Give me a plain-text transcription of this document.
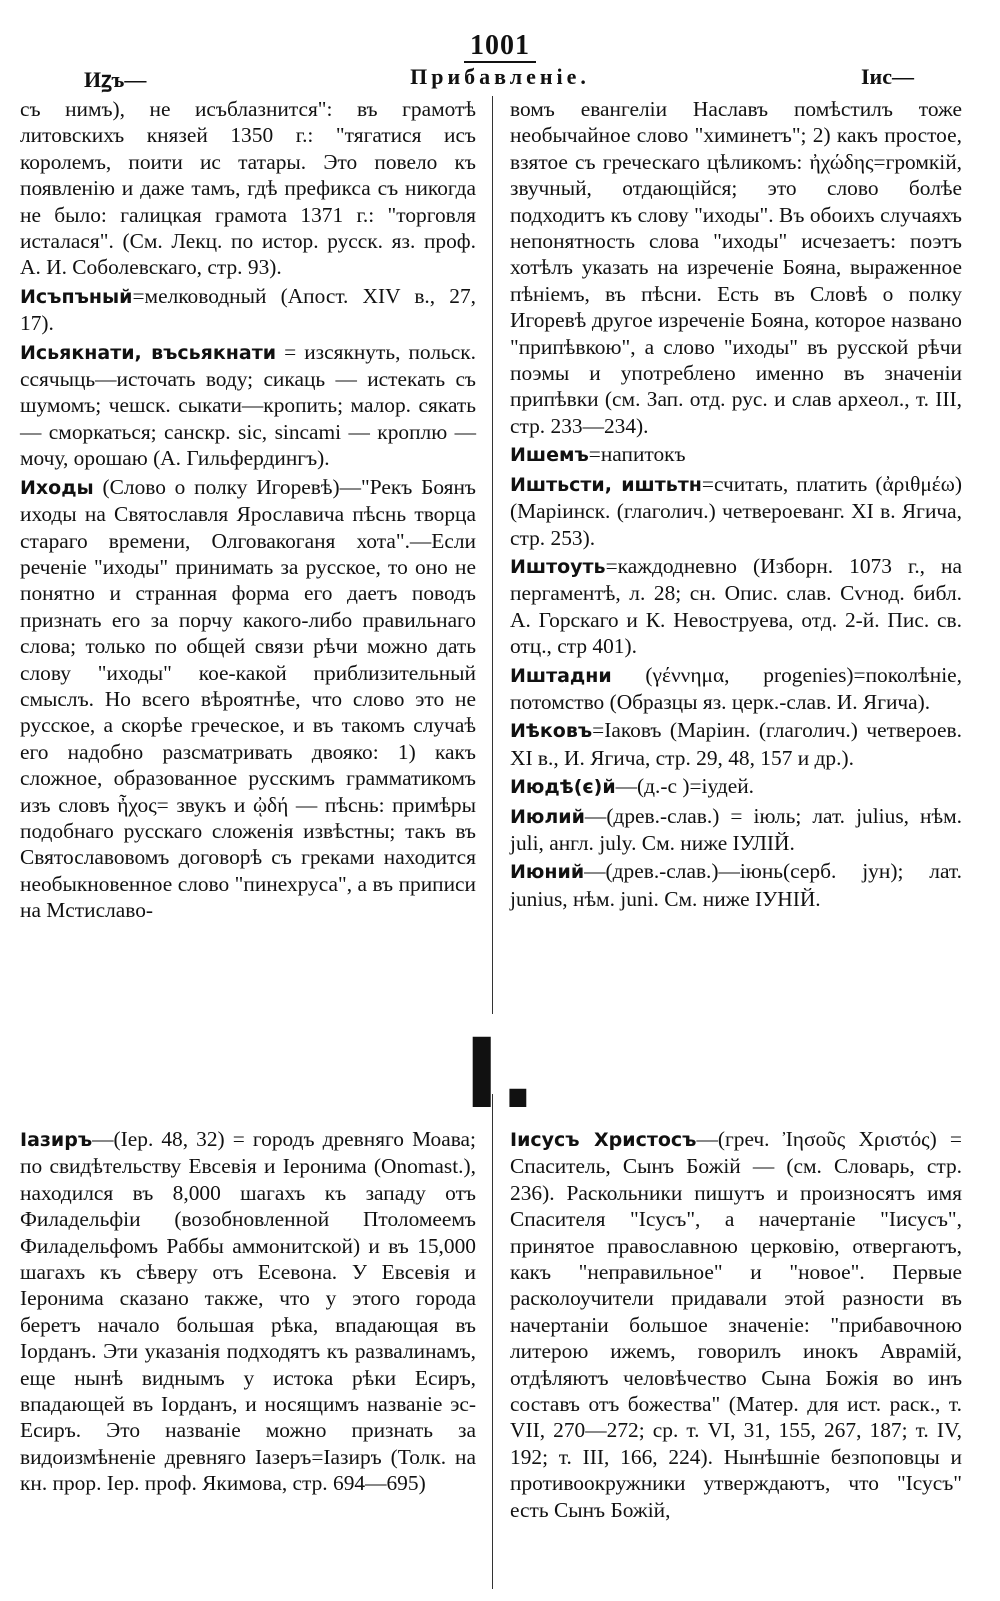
1001
Иꙁъ—	Прибавленіе.	Іис—

съ нимъ), не исъблазнится": въ грамотѣ литовскихъ князей 1350 г.: "тягатися исъ королемъ, поити ис татары. Это повело къ появленію и даже тамъ, гдѣ префикса съ никогда не было: галицкая грамота 1371 г.: "торговля исталася". (См. Лекц. по истор. русск. яз. проф. А. И. Соболевскаго, стр. 93).

Исъпъный=мелководный (Апост. XIV в., 27, 17).

Исьякнати, въсьякнати = изсякнуть, польск. ссячыць—источать воду; сикаць — истекать съ шумомъ; чешск. сыкати—кропить; малор. сякать — сморкаться; санскр. sic, sincami — кроплю — мочу, орошаю (А. Гильфердингъ).

Иходы (Слово о полку Игоревѣ)—"Рекъ Боянъ иходы на Святославля Ярославича пѣснь творца стараго времени, Олговакоганя хота".—Если реченіе "иходы" принимать за русское, то оно не понятно и странная форма его даетъ поводъ признать его за порчу какого-либо правильнаго слова; только по общей связи рѣчи можно дать слову "иходы" кое-какой приблизительный смыслъ. Но всего вѣроятнѣе, что слово это не русское, а скорѣе греческое, и въ такомъ случаѣ его надобно разсматривать двояко: 1) какъ сложное, образованное русскимъ грамматикомъ изъ словъ ἦχος= звукъ и ᾠδή — пѣснь: примѣры подобнаго русскаго сложенія извѣстны; такъ въ Святославовомъ договорѣ съ греками находится необыкновенное слово "пинехруса", а въ приписи на Мстиславо-

вомъ евангеліи Наславъ помѣстилъ тоже необычайное слово "химинетъ"; 2) какъ простое, взятое съ греческаго цѣликомъ: ἠχώδης=громкій, звучный, отдающійся; это слово болѣе подходитъ къ слову "иходы". Въ обоихъ случаяхъ непонятность слова "иходы" исчезаетъ: поэтъ хотѣлъ указать на изреченіе Бояна, выраженное пѣніемъ, въ пѣсни. Есть въ Словѣ о полку Игоревѣ другое изреченіе Бояна, которое названо "припѣвкою", а слово "иходы" въ русской рѣчи поэмы и употреблено именно въ значеніи припѣвки (см. Зап. отд. рус. и слав археол., т. III, стр. 233—234).

Ишемъ=напитокъ

Иштьсти, иштьтн=считать, платить (ἀριθμέω) (Маріинск. (глаголич.) четвероеванг. XI в. Ягича, стр. 253).

Иштоуть=каждодневно (Изборн. 1073 г., на пергаментѣ, л. 28; сн. Опис. слав. Сѵнод. библ. А. Горскаго и К. Невоструева, отд. 2-й. Пис. св. отц., стр 401).

Иштадни (γέννημα, progenies)=поколѣніе, потомство (Образцы яз. церк.-слав. И. Ягича).

Иѣковъ=Іаковъ (Маріин. (глаголич.) четвероев. XI в., И. Ягича, стр. 29, 48, 157 и др.).

Июдѣ(є)й—(д.-с )=іудей.

Июлий—(древ.-слав.) = іюль; лат. julius, нѣм. juli, англ. july. См. ниже ІУЛІЙ.

Июний—(древ.-слав.)—іюнь(серб. јун); лат. junius, нѣм. juni. См. ниже ІУНІЙ.

I.

Іазиръ—(Іер. 48, 32) = городъ древняго Моава; по свидѣтельству Евсевія и Іеронима (Onomast.), находился въ 8,000 шагахъ къ западу отъ Филадельфіи (возобновленной Птоломеемъ Филадельфомъ Раббы аммонитской) и въ 15,000 шагахъ къ сѣверу отъ Есевона. У Евсевія и Іеронима сказано также, что у этого города беретъ начало большая рѣка, впадающая въ Іорданъ. Эти указанія подходятъ къ развалинамъ, еще нынѣ виднымъ у истока рѣки Есиръ, впадающей въ Іорданъ, и носящимъ названіе эс-Есиръ. Это названіе можно признать за видоизмѣненіе древняго Іазеръ=Іазиръ (Толк. на кн. прор. Іер. проф. Якимова, стр. 694—695)

Іисусъ Христосъ—(греч. Ἰησοῦς Χριστός) = Спаситель, Сынъ Божій — (см. Словарь, стр. 236). Раскольники пишутъ и произносятъ имя Спасителя "Ісусъ", а начертаніе "Іисусъ", принятое православною церковію, отвергаютъ, какъ "неправильное" и "новое". Первые расколоучители придавали этой разности въ начертаніи большое значеніе: "прибавочною литерою ижемъ, говорилъ инокъ Аврамій, отдѣляютъ человѣчество Сына Божія во инъ составъ отъ божества" (Матер. для ист. раск., т. VII, 270—272; ср. т. VI, 31, 155, 267, 187; т. IV, 192; т. III, 166, 224). Нынѣшніе безпоповцы и противоокружники утверждаютъ, что "Ісусъ" есть Сынъ Божій,
